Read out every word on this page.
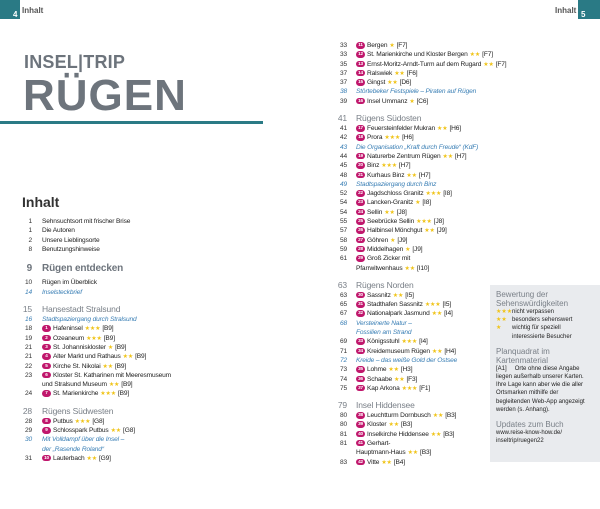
4 Inhalt	Inhalt 5
INSEL|TRIP
RÜGEN
Inhalt
1	Sehnsuchtsort mit frischer Brise
1	Die Autoren
2	Unsere Lieblingsorte
8	Benutzungshinweise
9	Rügen entdecken
10	Rügen im Überblick
14	Inselsteckbrief
15	Hansestadt Stralsund
16	Stadtspaziergang durch Stralsund
18	1 Hafeninsel ★★★ [B9]
19	2 Ozeaneum ★★★ [B9]
21	3 St. Johanniskloster ★ [B9]
21	4 Alter Markt und Rathaus ★★ [B9]
22	5 Kirche St. Nikolai ★★ [B9]
23	6 Kloster St. Katharinen mit Meeresmuseum
und Stralsund Museum ★★ [B9]
24	7 St. Marienkirche ★★★ [B9]
28	Rügens Südwesten
28	8 Putbus ★★★ [G8]
29	9 Schlosspark Putbus ★★ [G8]
30	Mit Volldampf über die Insel –
der „Rasende Roland“
31	10 Lauterbach ★★ [G9]
33	11 Bergen ★ [F7]
33	12 St. Marienkirche und Kloster Bergen ★★ [F7]
35	13 Ernst-Moritz-Arndt-Turm auf dem Rugard ★★ [F7]
37	14 Ralswiek ★★ [F6]
37	15 Gingst ★★ [D6]
38	Störtebeker Festspiele – Piraten auf Rügen
39	16 Insel Ummanz ★ [C6]
41	Rügens Südosten
41	17 Feuersteinfelder Mukran ★★ [H6]
42	18 Prora ★★★ [H6]
43	Die Organisation „Kraft durch Freude“ (KdF)
44	19 Naturerbe Zentrum Rügen ★★ [H7]
45	20 Binz ★★★ [H7]
48	21 Kurhaus Binz ★★ [H7]
49	Stadtspaziergang durch Binz
52	22 Jagdschloss Granitz ★★★ [I8]
54	23 Lancken-Granitz ★ [I8]
54	24 Sellin ★★ [J8]
55	25 Seebrücke Sellin ★★★ [J8]
57	26 Halbinsel Mönchgut ★★ [J9]
58	27 Göhren ★ [J9]
59	28 Middelhagen ★ [J9]
61	29 Groß Zicker mit
Pfarrwitwenhaus ★★ [I10]
63	Rügens Norden
63	30 Sassnitz ★★ [I5]
65	31 Stadthafen Sassnitz ★★★ [I5]
67	32 Nationalpark Jasmund ★★ [I4]
68	Versteinerte Natur –
Fossilien am Strand
69	33 Königsstuhl ★★★ [I4]
71	34 Kreidemuseum Rügen ★★ [H4]
72	Kreide – das weiße Gold der Ostsee
73	35 Lohme ★★ [H3]
74	36 Schaabe ★★ [F3]
75	37 Kap Arkona ★★★ [F1]
79	Insel Hiddensee
80	38 Leuchtturm Dornbusch ★★ [B3]
80	39 Kloster ★★ [B3]
81	40 Inselkirche Hiddensee ★★ [B3]
81	41 Gerhart-
Hauptmann-Haus ★★ [B3]
83	42 Vitte ★★ [B4]
Bewertung der Sehenswürdigkeiten
★★★ nicht verpassen
★★ besonders sehenswert
★	wichtig für speziell interessierte Besucher
Planquadrat im Kartenmaterial
[A1] Orte ohne diese Angabe liegen außerhalb unserer Karten. Ihre Lage kann aber wie die aller Ortsmarken mithilfe der begleitenden Web-App angezeigt werden (s. Anhang).
Updates zum Buch
www.reise-know-how.de/ inseltrip/ruegen22
